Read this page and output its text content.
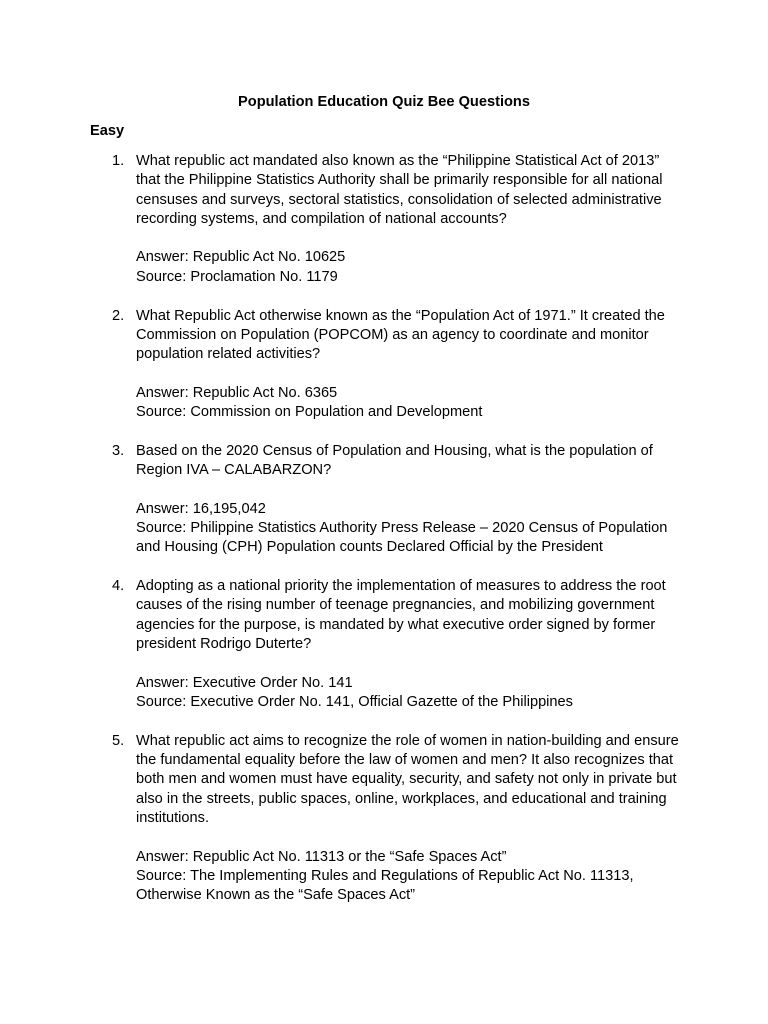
Population Education Quiz Bee Questions
Easy
1. What republic act mandated also known as the “Philippine Statistical Act of 2013” that the Philippine Statistics Authority shall be primarily responsible for all national censuses and surveys, sectoral statistics, consolidation of selected administrative recording systems, and compilation of national accounts?
Answer: Republic Act No. 10625
Source: Proclamation No. 1179
2. What Republic Act otherwise known as the “Population Act of 1971.” It created the Commission on Population (POPCOM) as an agency to coordinate and monitor population related activities?
Answer: Republic Act No. 6365
Source: Commission on Population and Development
3. Based on the 2020 Census of Population and Housing, what is the population of Region IVA – CALABARZON?
Answer: 16,195,042
Source: Philippine Statistics Authority Press Release – 2020 Census of Population and Housing (CPH) Population counts Declared Official by the President
4. Adopting as a national priority the implementation of measures to address the root causes of the rising number of teenage pregnancies, and mobilizing government agencies for the purpose, is mandated by what executive order signed by former president Rodrigo Duterte?
Answer: Executive Order No. 141
Source: Executive Order No. 141, Official Gazette of the Philippines
5. What republic act aims to recognize the role of women in nation-building and ensure the fundamental equality before the law of women and men? It also recognizes that both men and women must have equality, security, and safety not only in private but also in the streets, public spaces, online, workplaces, and educational and training institutions.
Answer: Republic Act No. 11313 or the “Safe Spaces Act”
Source: The Implementing Rules and Regulations of Republic Act No. 11313, Otherwise Known as the “Safe Spaces Act”
